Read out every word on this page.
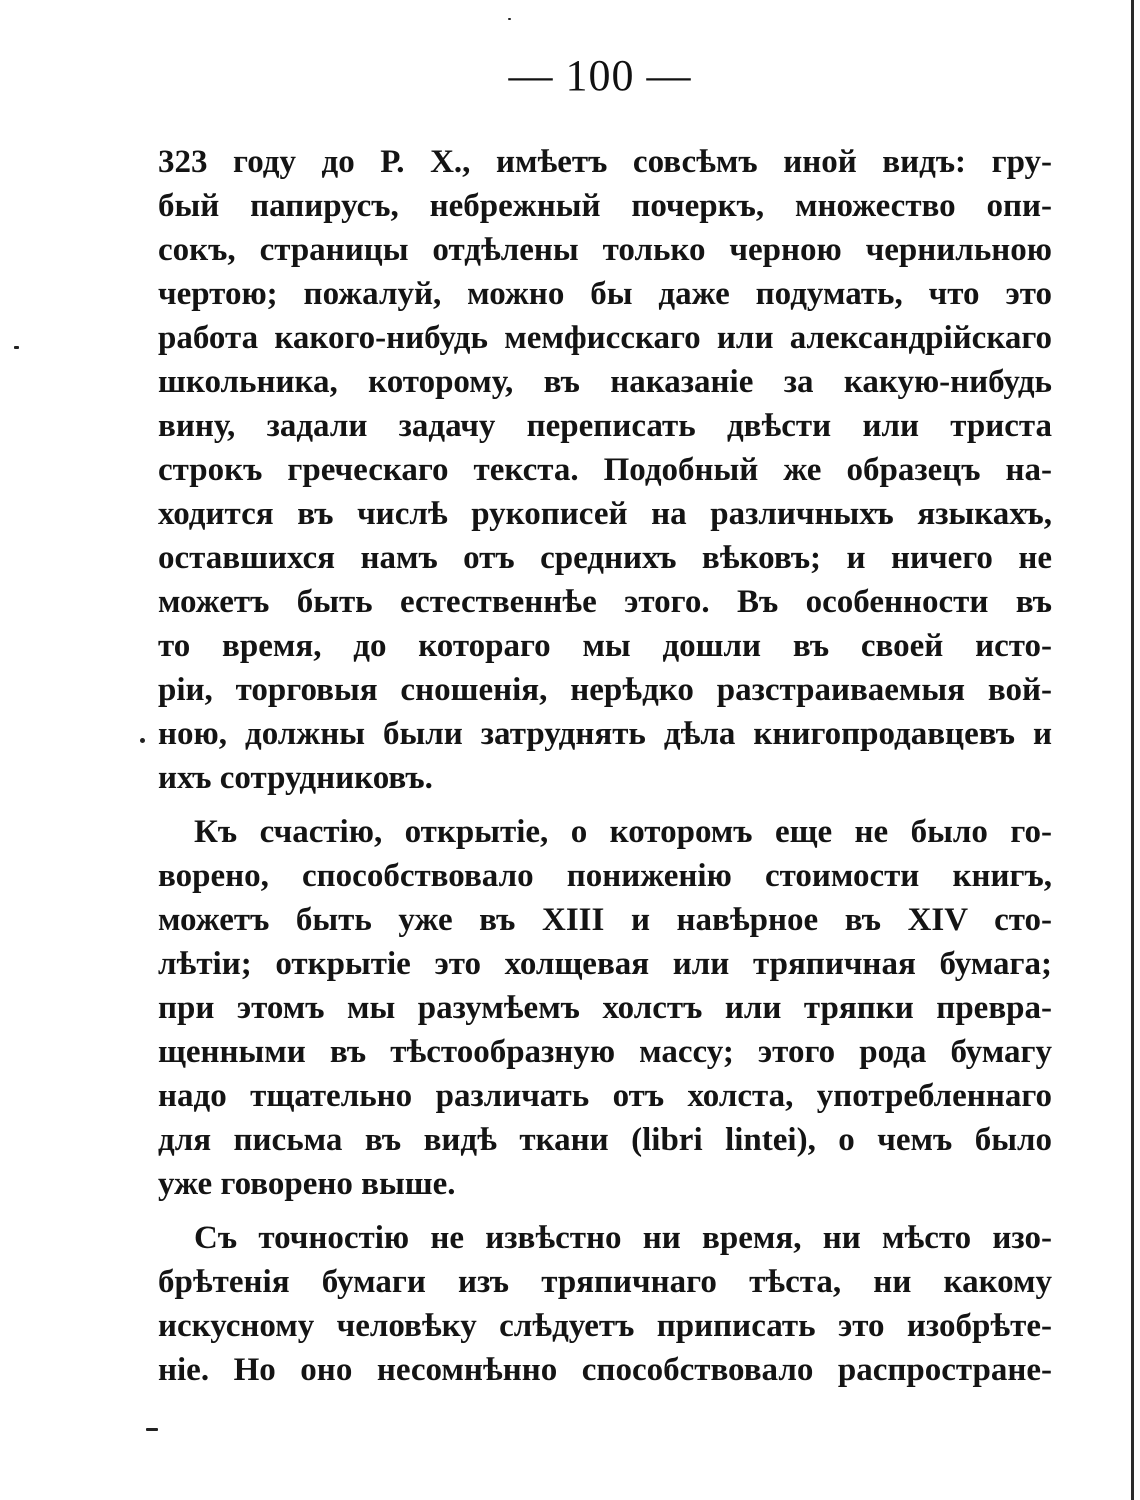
— 100 —
323 году до Р. Х., имѣетъ совсѣмъ иной видъ: гру-
бый папирусъ, небрежный почеркъ, множество опи-
сокъ, страницы отдѣлены только черною чернильною
чертою; пожалуй, можно бы даже подумать, что это
работа какого-нибудь мемфисскаго или александрійскаго
школьника, которому, въ наказаніе за какую-нибудь
вину, задали задачу переписать двѣсти или триста
строкъ греческаго текста. Подобный же образецъ на-
ходится въ числѣ рукописей на различныхъ языкахъ,
оставшихся намъ отъ среднихъ вѣковъ; и ничего не
можетъ быть естественнѣе этого. Въ особенности въ
то время, до котораго мы дошли въ своей исто-
ріи, торговыя сношенія, нерѣдко разстраиваемыя вой-
ною, должны были затруднять дѣла книгопродавцевъ и
ихъ сотрудниковъ.
Къ счастію, открытіе, о которомъ еще не было го-
ворено, способствовало пониженію стоимости книгъ,
можетъ быть уже въ XIII и навѣрное въ XIV сто-
лѣтіи; открытіе это холщевая или тряпичная бумага;
при этомъ мы разумѣемъ холстъ или тряпки превра-
щенными въ тѣстообразную массу; этого рода бумагу
надо тщательно различать отъ холста, употребленнаго
для письма въ видѣ ткани (libri lintei), о чемъ было
уже говорено выше.
Съ точностію не извѣстно ни время, ни мѣсто изо-
брѣтенія бумаги изъ тряпичнаго тѣста, ни какому
искусному человѣку слѣдуетъ приписать это изобрѣте-
ніе. Но оно несомнѣнно способствовало распростране-
